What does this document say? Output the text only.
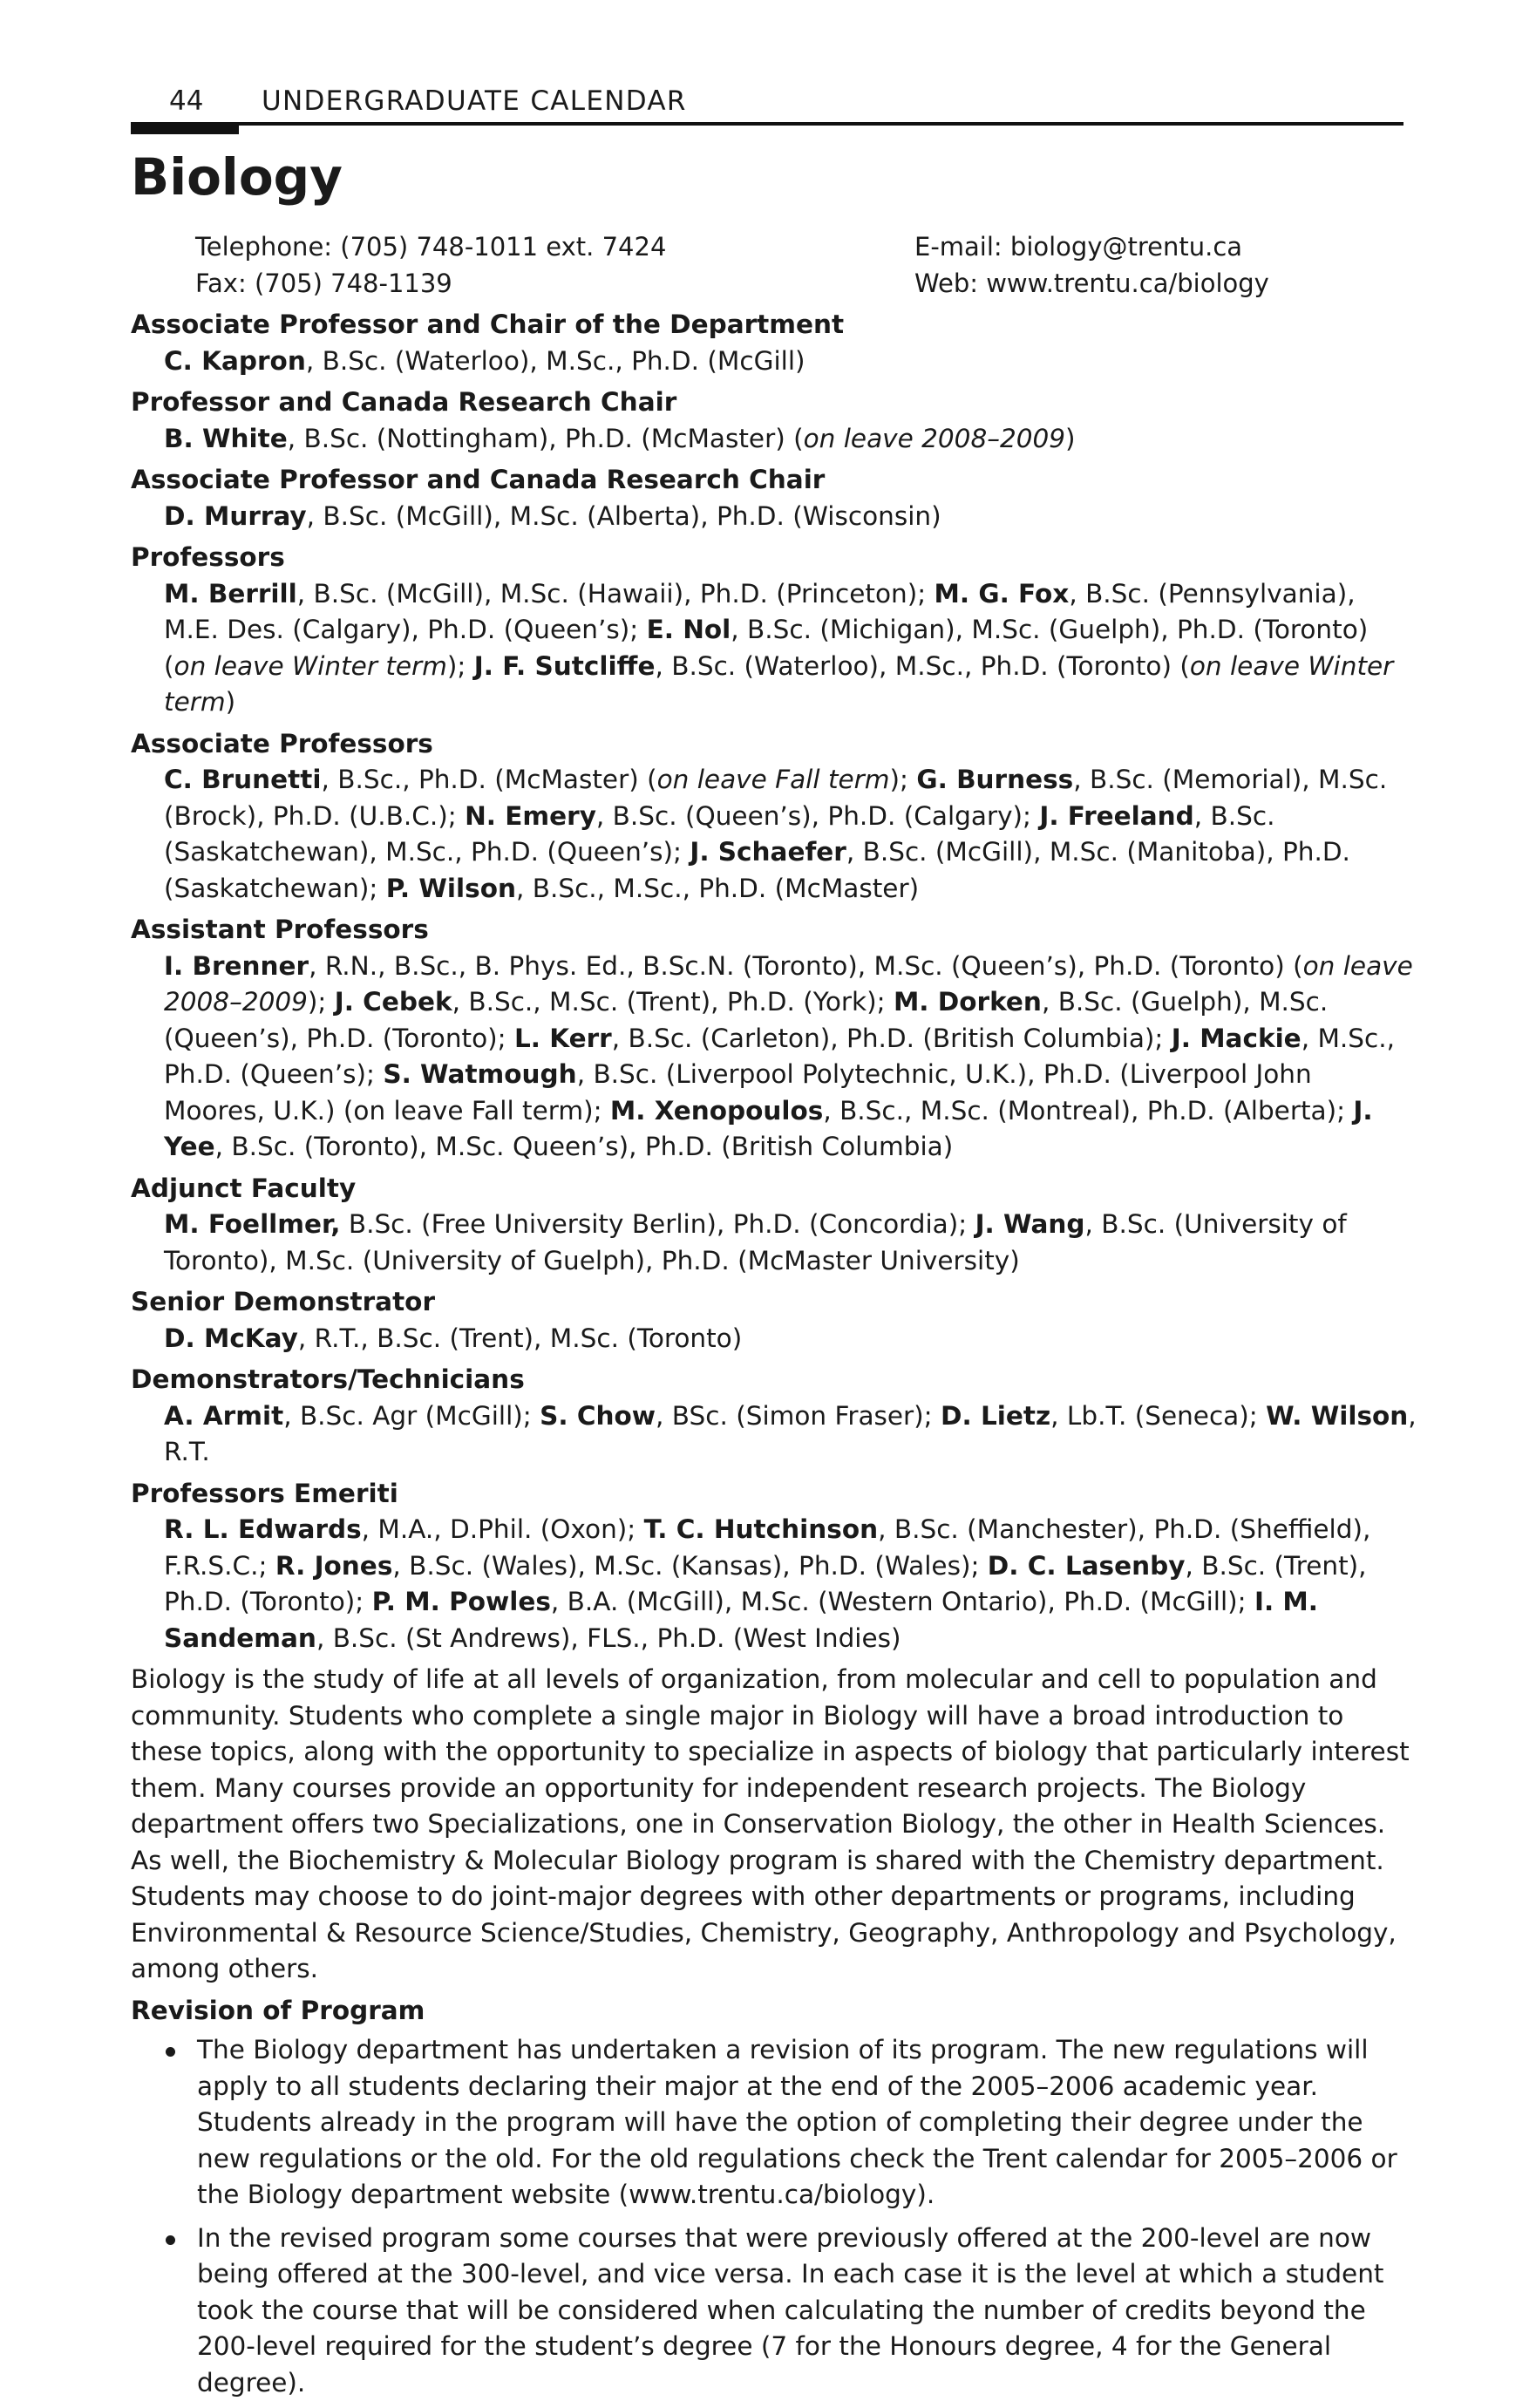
44 UNDERGRADUATE CALENDAR
Biology
Telephone: (705) 748-1011 ext. 7424
Fax: (705) 748-1139
E-mail: biology@trentu.ca
Web: www.trentu.ca/biology
Associate Professor and Chair of the Department
C. Kapron, B.Sc. (Waterloo), M.Sc., Ph.D. (McGill)
Professor and Canada Research Chair
B. White, B.Sc. (Nottingham), Ph.D. (McMaster) (on leave 2008–2009)
Associate Professor and Canada Research Chair
D. Murray, B.Sc. (McGill), M.Sc. (Alberta), Ph.D. (Wisconsin)
Professors
M. Berrill, B.Sc. (McGill), M.Sc. (Hawaii), Ph.D. (Princeton); M. G. Fox, B.Sc. (Pennsylvania), M.E. Des. (Calgary), Ph.D. (Queen’s); E. Nol, B.Sc. (Michigan), M.Sc. (Guelph), Ph.D. (Toronto) (on leave Winter term); J. F. Sutcliffe, B.Sc. (Waterloo), M.Sc., Ph.D. (Toronto) (on leave Winter term)
Associate Professors
C. Brunetti, B.Sc., Ph.D. (McMaster) (on leave Fall term); G. Burness, B.Sc. (Memorial), M.Sc. (Brock), Ph.D. (U.B.C.); N. Emery, B.Sc. (Queen’s), Ph.D. (Calgary); J. Freeland, B.Sc. (Saskatchewan), M.Sc., Ph.D. (Queen’s); J. Schaefer, B.Sc. (McGill), M.Sc. (Manitoba), Ph.D. (Saskatchewan); P. Wilson, B.Sc., M.Sc., Ph.D. (McMaster)
Assistant Professors
I. Brenner, R.N., B.Sc., B. Phys. Ed., B.Sc.N. (Toronto), M.Sc. (Queen’s), Ph.D. (Toronto) (on leave 2008–2009); J. Cebek, B.Sc., M.Sc. (Trent), Ph.D. (York); M. Dorken, B.Sc. (Guelph), M.Sc. (Queen’s), Ph.D. (Toronto); L. Kerr, B.Sc. (Carleton), Ph.D. (British Columbia); J. Mackie, M.Sc., Ph.D. (Queen’s); S. Watmough, B.Sc. (Liverpool Polytechnic, U.K.), Ph.D. (Liverpool John Moores, U.K.) (on leave Fall term); M. Xenopoulos, B.Sc., M.Sc. (Montreal), Ph.D. (Alberta); J. Yee, B.Sc. (Toronto), M.Sc. Queen’s), Ph.D. (British Columbia)
Adjunct Faculty
M. Foellmer, B.Sc. (Free University Berlin), Ph.D. (Concordia); J. Wang, B.Sc. (University of Toronto), M.Sc. (University of Guelph), Ph.D. (McMaster University)
Senior Demonstrator
D. McKay, R.T., B.Sc. (Trent), M.Sc. (Toronto)
Demonstrators/Technicians
A. Armit, B.Sc. Agr (McGill); S. Chow, BSc. (Simon Fraser); D. Lietz, Lb.T. (Seneca); W. Wilson, R.T.
Professors Emeriti
R. L. Edwards, M.A., D.Phil. (Oxon); T. C. Hutchinson, B.Sc. (Manchester), Ph.D. (Sheffield), F.R.S.C.; R. Jones, B.Sc. (Wales), M.Sc. (Kansas), Ph.D. (Wales); D. C. Lasenby, B.Sc. (Trent), Ph.D. (Toronto); P. M. Powles, B.A. (McGill), M.Sc. (Western Ontario), Ph.D. (McGill); I. M. Sandeman, B.Sc. (St Andrews), FLS., Ph.D. (West Indies)
Biology is the study of life at all levels of organization, from molecular and cell to population and community. Students who complete a single major in Biology will have a broad introduction to these topics, along with the opportunity to specialize in aspects of biology that particularly interest them. Many courses provide an opportunity for independent research projects. The Biology department offers two Specializations, one in Conservation Biology, the other in Health Sciences. As well, the Biochemistry & Molecular Biology program is shared with the Chemistry department. Students may choose to do joint-major degrees with other departments or programs, including Environmental & Resource Science/Studies, Chemistry, Geography, Anthropology and Psychology, among others.
Revision of Program
The Biology department has undertaken a revision of its program. The new regulations will apply to all students declaring their major at the end of the 2005–2006 academic year. Students already in the program will have the option of completing their degree under the new regulations or the old. For the old regulations check the Trent calendar for 2005–2006 or the Biology department website (www.trentu.ca/biology).
In the revised program some courses that were previously offered at the 200-level are now being offered at the 300-level, and vice versa. In each case it is the level at which a student took the course that will be considered when calculating the number of credits beyond the 200-level required for the student’s degree (7 for the Honours degree, 4 for the General degree).
